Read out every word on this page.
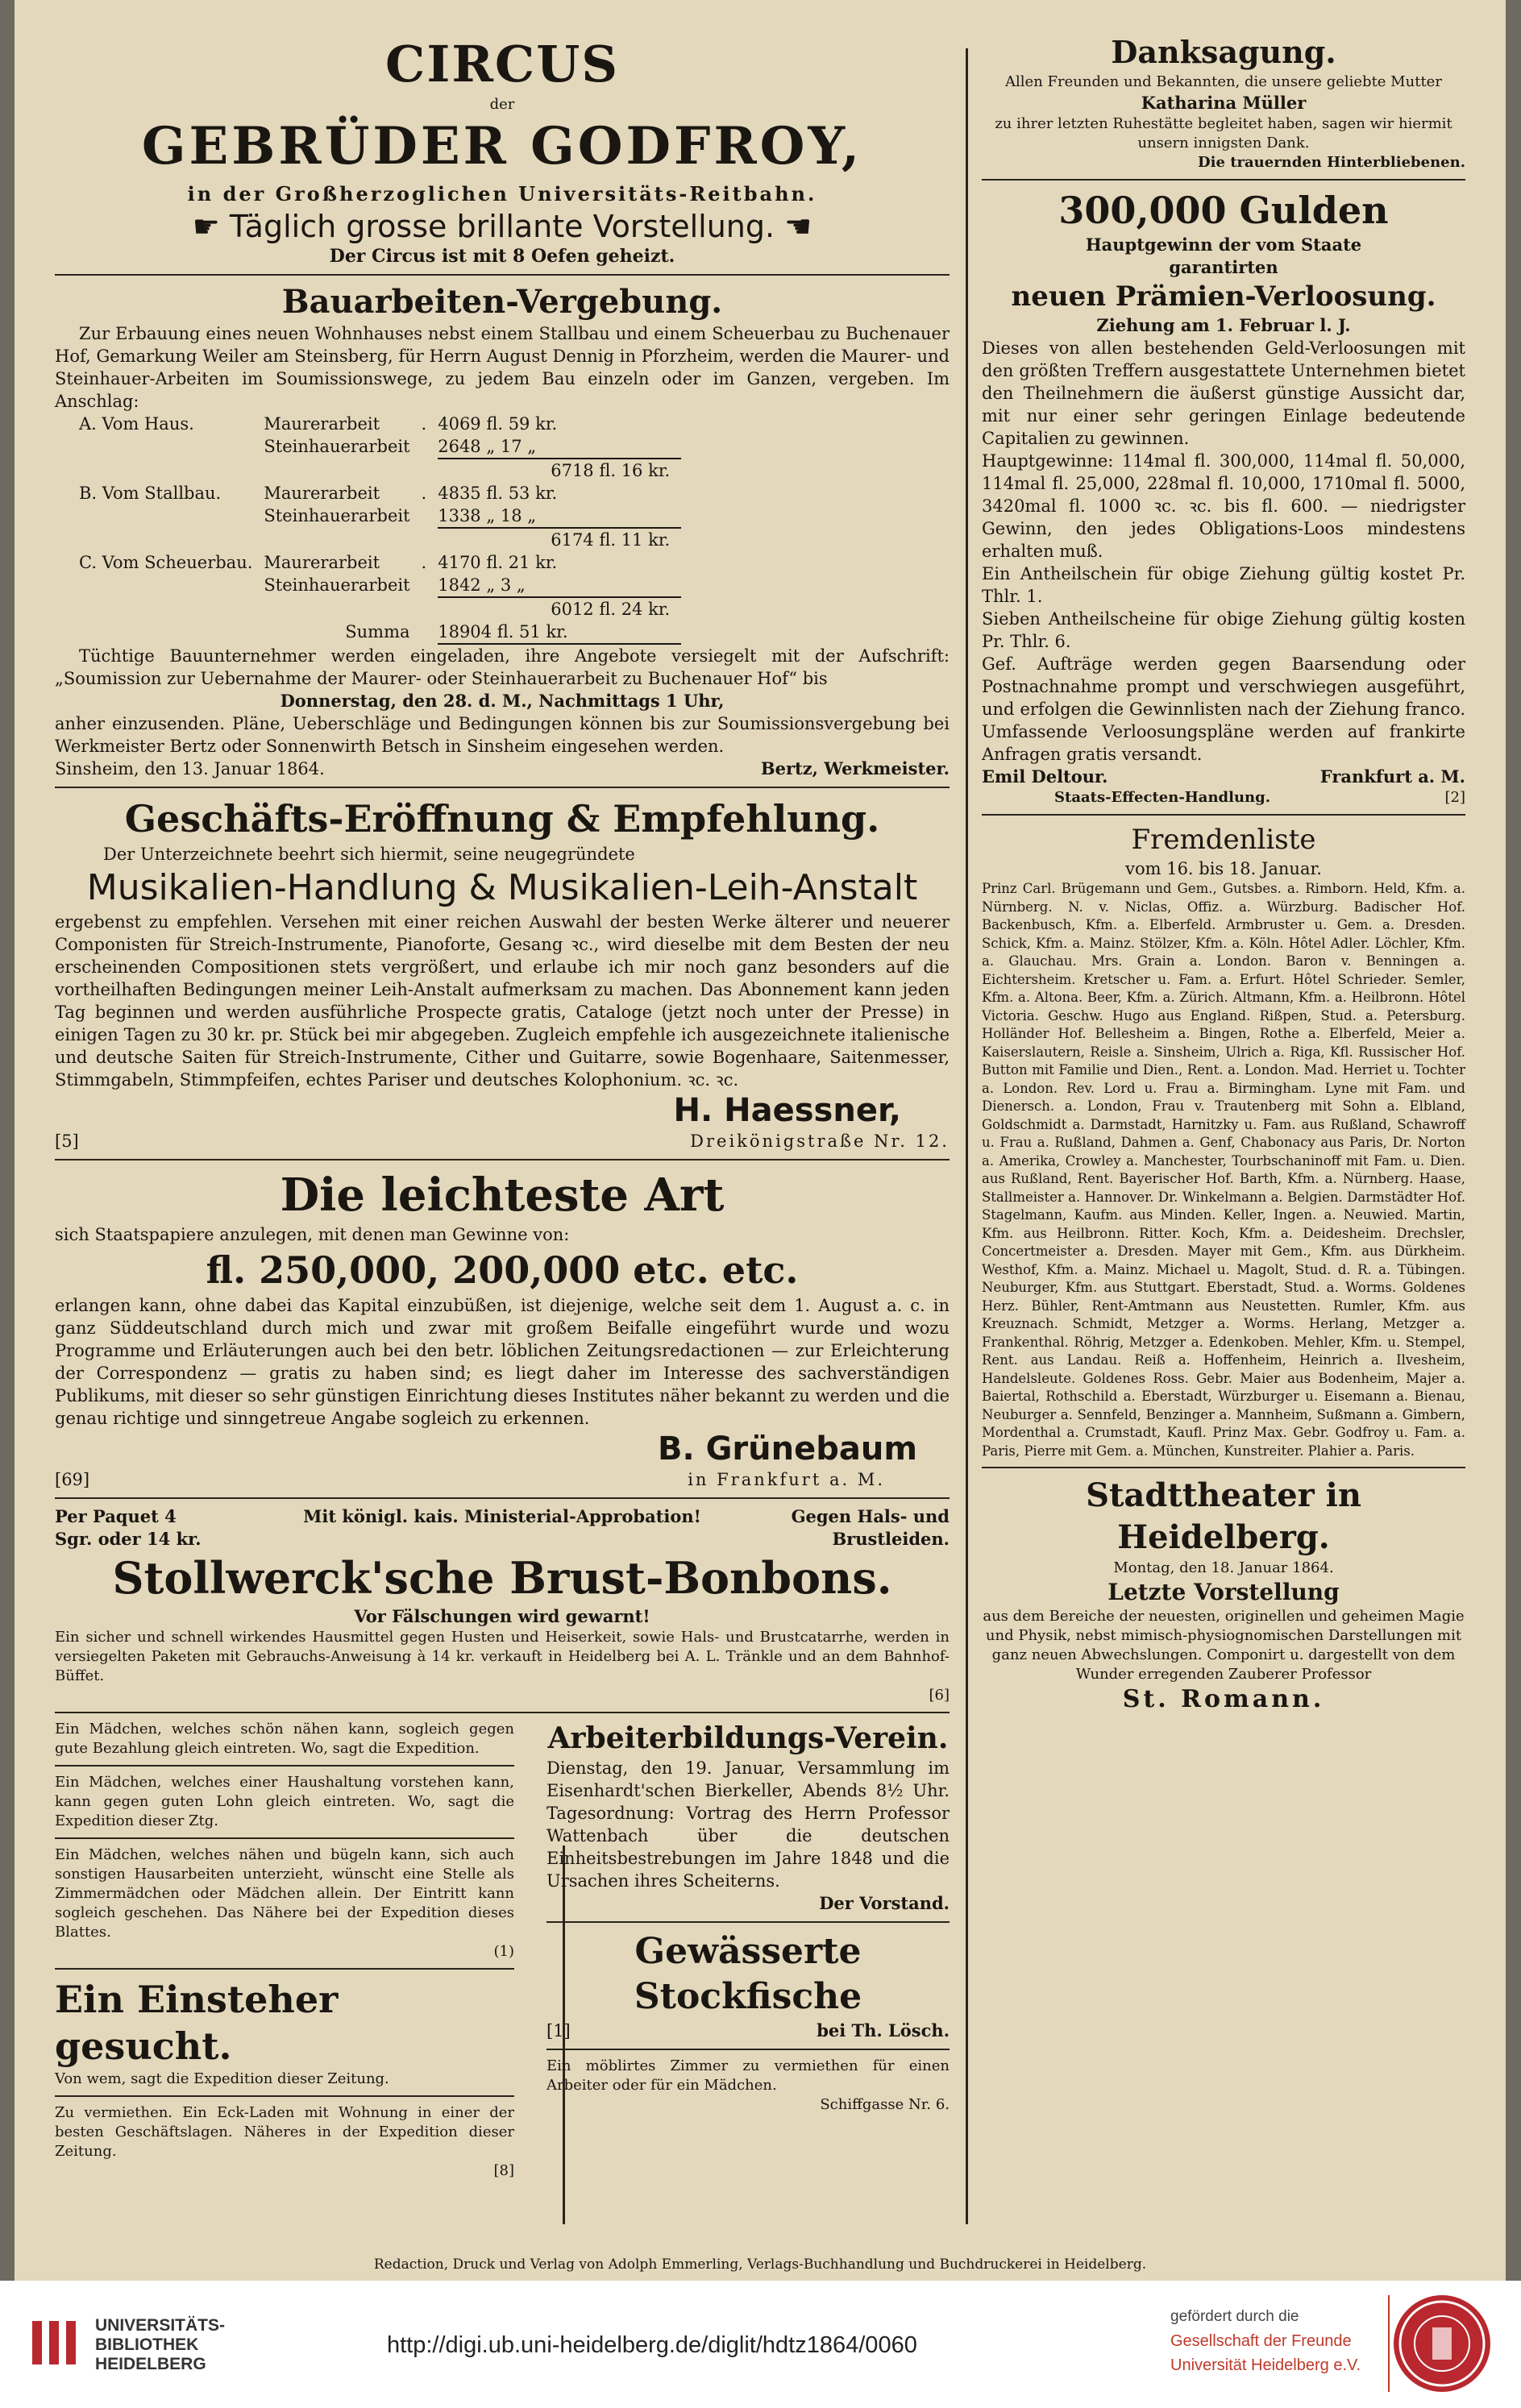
CIRCUS
der
GEBRÜDER GODFROY,
in der Großherzoglichen Universitäts-Reitbahn.
☛ Täglich grosse brillante Vorstellung. ☚
Der Circus ist mit 8 Oefen geheizt.
Bauarbeiten-Vergebung.

Zur Erbauung eines neuen Wohnhauses nebst einem Stallbau und einem Scheuerbau zu Buchenauer Hof, Gemarkung Weiler am Steinsberg, für Herrn August Dennig in Pforzheim, werden die Maurer- und Steinhauer-Arbeiten im Soumissionswege, zu jedem Bau einzeln oder im Ganzen, vergeben. Im Anschlag:

A. Vom Haus.	Maurerarbeit	.	4069 fl. 59 kr.
	Steinhauerarbeit		2648 „ 17 „
			6718 fl. 16 kr.
B. Vom Stallbau.	Maurerarbeit	.	4835 fl. 53 kr.
	Steinhauerarbeit		1338 „ 18 „
			6174 fl. 11 kr.
C. Vom Scheuerbau.	Maurerarbeit	.	4170 fl. 21 kr.
	Steinhauerarbeit		1842 „ 3 „
			6012 fl. 24 kr.
	Summa		18904 fl. 51 kr.

Tüchtige Bauunternehmer werden eingeladen, ihre Angebote versiegelt mit der Aufschrift: „Soumission zur Uebernahme der Maurer- oder Steinhauerarbeit zu Buchenauer Hof“ bis

Donnerstag, den 28. d. M., Nachmittags 1 Uhr,

anher einzusenden. Pläne, Ueberschläge und Bedingungen können bis zur Soumissionsvergebung bei Werkmeister Bertz oder Sonnenwirth Betsch in Sinsheim eingesehen werden.

Sinsheim, den 13. Januar 1864.	Bertz, Werkmeister.
Geschäfts-Eröffnung & Empfehlung.

Der Unterzeichnete beehrt sich hiermit, seine neugegründete

Musikalien-Handlung & Musikalien-Leih-Anstalt

ergebenst zu empfehlen. Versehen mit einer reichen Auswahl der besten Werke älterer und neuerer Componisten für Streich-Instrumente, Pianoforte, Gesang ꝛc., wird dieselbe mit dem Besten der neu erscheinenden Compositionen stets vergrößert, und erlaube ich mir noch ganz besonders auf die vortheilhaften Bedingungen meiner Leih-Anstalt aufmerksam zu machen. Das Abonnement kann jeden Tag beginnen und werden ausführliche Prospecte gratis, Cataloge (jetzt noch unter der Presse) in einigen Tagen zu 30 kr. pr. Stück bei mir abgegeben. Zugleich empfehle ich ausgezeichnete italienische und deutsche Saiten für Streich-Instrumente, Cither und Guitarre, sowie Bogenhaare, Saitenmesser, Stimmgabeln, Stimmpfeifen, echtes Pariser und deutsches Kolophonium. ꝛc. ꝛc.

H. Haessner,
[5]	Dreikönigstraße Nr. 12.
Die leichteste Art

sich Staatspapiere anzulegen, mit denen man Gewinne von:

fl. 250,000, 200,000 etc. etc.

erlangen kann, ohne dabei das Kapital einzubüßen, ist diejenige, welche seit dem 1. August a. c. in ganz Süddeutschland durch mich und zwar mit großem Beifalle eingeführt wurde und wozu Programme und Erläuterungen auch bei den betr. löblichen Zeitungsredactionen — zur Erleichterung der Correspondenz — gratis zu haben sind; es liegt daher im Interesse des sachverständigen Publikums, mit dieser so sehr günstigen Einrichtung dieses Institutes näher bekannt zu werden und die genau richtige und sinngetreue Angabe sogleich zu erkennen.

B. Grünebaum
[69]	in Frankfurt a. M.
Per Paquet 4 Sgr. oder 14 kr.
Mit königl. kais. Ministerial-Approbation!	Gegen Hals- und Brustleiden.
Stollwerck'sche Brust-Bonbons.
Vor Fälschungen wird gewarnt!

Ein sicher und schnell wirkendes Hausmittel gegen Husten und Heiserkeit, sowie Hals- und Brustcatarrhe, werden in versiegelten Paketen mit Gebrauchs-Anweisung à 14 kr. verkauft in Heidelberg bei A. L. Tränkle und an dem Bahnhof-Büffet.

[6]

Ein Mädchen, welches schön nähen kann, sogleich gegen gute Bezahlung gleich eintreten. Wo, sagt die Expedition.

Ein Mädchen, welches einer Haushaltung vorstehen kann, kann gegen guten Lohn gleich eintreten. Wo, sagt die Expedition dieser Ztg.

Ein Mädchen, welches nähen und bügeln kann, sich auch sonstigen Hausarbeiten unterzieht, wünscht eine Stelle als Zimmermädchen oder Mädchen allein. Der Eintritt kann sogleich geschehen. Das Nähere bei der Expedition dieses Blattes.

(1)
Ein Einsteher gesucht.

Von wem, sagt die Expedition dieser Zeitung.

Zu vermiethen. Ein Eck-Laden mit Wohnung in einer der besten Geschäftslagen. Näheres in der Expedition dieser Zeitung.

[8]
Arbeiterbildungs-Verein.

Dienstag, den 19. Januar, Versammlung im Eisenhardt'schen Bierkeller, Abends 8½ Uhr. Tagesordnung: Vortrag des Herrn Professor Wattenbach über die deutschen Einheitsbestrebungen im Jahre 1848 und die Ursachen ihres Scheiterns.

Der Vorstand.
Gewässerte Stockfische
[1]	bei Th. Lösch.

Ein möblirtes Zimmer zu vermiethen für einen Arbeiter oder für ein Mädchen.

Schiffgasse Nr. 6.
Danksagung.

Allen Freunden und Bekannten, die unsere geliebte Mutter

Katharina Müller

zu ihrer letzten Ruhestätte begleitet haben, sagen wir hiermit unsern innigsten Dank.

Die trauernden Hinterbliebenen.
300,000 Gulden
Hauptgewinn der vom Staate
garantirten
neuen Prämien-Verloosung.
Ziehung am 1. Februar l. J.

Dieses von allen bestehenden Geld-Verloosungen mit den größten Treffern ausgestattete Unternehmen bietet den Theilnehmern die äußerst günstige Aussicht dar, mit nur einer sehr geringen Einlage bedeutende Capitalien zu gewinnen.

Hauptgewinne: 114mal fl. 300,000, 114mal fl. 50,000, 114mal fl. 25,000, 228mal fl. 10,000, 1710mal fl. 5000, 3420mal fl. 1000 ꝛc. ꝛc. bis fl. 600. — niedrigster Gewinn, den jedes Obligations-Loos mindestens erhalten muß.

Ein Antheilschein für obige Ziehung gültig kostet Pr. Thlr. 1.

Sieben Antheilscheine für obige Ziehung gültig kosten Pr. Thlr. 6.

Gef. Aufträge werden gegen Baarsendung oder Postnachnahme prompt und verschwiegen ausgeführt, und erfolgen die Gewinnlisten nach der Ziehung franco. Umfassende Verloosungspläne werden auf frankirte Anfragen gratis versandt.

Emil Deltour.	Frankfurt a. M.
Staats-Effecten-Handlung.	[2]
Fremdenliste
vom 16. bis 18. Januar.

Prinz Carl. Brügemann und Gem., Gutsbes. a. Rimborn. Held, Kfm. a. Nürnberg. N. v. Niclas, Offiz. a. Würzburg. Badischer Hof. Backenbusch, Kfm. a. Elberfeld. Armbruster u. Gem. a. Dresden. Schick, Kfm. a. Mainz. Stölzer, Kfm. a. Köln. Hôtel Adler. Löchler, Kfm. a. Glauchau. Mrs. Grain a. London. Baron v. Benningen a. Eichtersheim. Kretscher u. Fam. a. Erfurt. Hôtel Schrieder. Semler, Kfm. a. Altona. Beer, Kfm. a. Zürich. Altmann, Kfm. a. Heilbronn. Hôtel Victoria. Geschw. Hugo aus England. Rißpen, Stud. a. Petersburg. Holländer Hof. Bellesheim a. Bingen, Rothe a. Elberfeld, Meier a. Kaiserslautern, Reisle a. Sinsheim, Ulrich a. Riga, Kfl. Russischer Hof. Button mit Familie und Dien., Rent. a. London. Mad. Herriet u. Tochter a. London. Rev. Lord u. Frau a. Birmingham. Lyne mit Fam. und Dienersch. a. London, Frau v. Trautenberg mit Sohn a. Elbland, Goldschmidt a. Darmstadt, Harnitzky u. Fam. aus Rußland, Schawroff u. Frau a. Rußland, Dahmen a. Genf, Chabonacy aus Paris, Dr. Norton a. Amerika, Crowley a. Manchester, Tourbschaninoff mit Fam. u. Dien. aus Rußland, Rent. Bayerischer Hof. Barth, Kfm. a. Nürnberg. Haase, Stallmeister a. Hannover. Dr. Winkelmann a. Belgien. Darmstädter Hof. Stagelmann, Kaufm. aus Minden. Keller, Ingen. a. Neuwied. Martin, Kfm. aus Heilbronn. Ritter. Koch, Kfm. a. Deidesheim. Drechsler, Concertmeister a. Dresden. Mayer mit Gem., Kfm. aus Dürkheim. Westhof, Kfm. a. Mainz. Michael u. Magolt, Stud. d. R. a. Tübingen. Neuburger, Kfm. aus Stuttgart. Eberstadt, Stud. a. Worms. Goldenes Herz. Bühler, Rent-Amtmann aus Neustetten. Rumler, Kfm. aus Kreuznach. Schmidt, Metzger a. Worms. Herlang, Metzger a. Frankenthal. Röhrig, Metzger a. Edenkoben. Mehler, Kfm. u. Stempel, Rent. aus Landau. Reiß a. Hoffenheim, Heinrich a. Ilvesheim, Handelsleute. Goldenes Ross. Gebr. Maier aus Bodenheim, Majer a. Baiertal, Rothschild a. Eberstadt, Würzburger u. Eisemann a. Bienau, Neuburger a. Sennfeld, Benzinger a. Mannheim, Sußmann a. Gimbern, Mordenthal a. Crumstadt, Kaufl. Prinz Max. Gebr. Godfroy u. Fam. a. Paris, Pierre mit Gem. a. München, Kunstreiter. Plahier a. Paris.

Stadttheater in Heidelberg.
Montag, den 18. Januar 1864.
Letzte Vorstellung

aus dem Bereiche der neuesten, originellen und geheimen Magie und Physik, nebst mimisch-physiognomischen Darstellungen mit ganz neuen Abwechslungen. Componirt u. dargestellt von dem Wunder erregenden Zauberer Professor

St. Romann.
Redaction, Druck und Verlag von Adolph Emmerling, Verlags-Buchhandlung und Buchdruckerei in Heidelberg.
UNIVERSITÄTS-
BIBLIOTHEK
HEIDELBERG
http://digi.ub.uni-heidelberg.de/diglit/hdtz1864/0060
gefördert durch die
Gesellschaft der Freunde
Universität Heidelberg e.V.
